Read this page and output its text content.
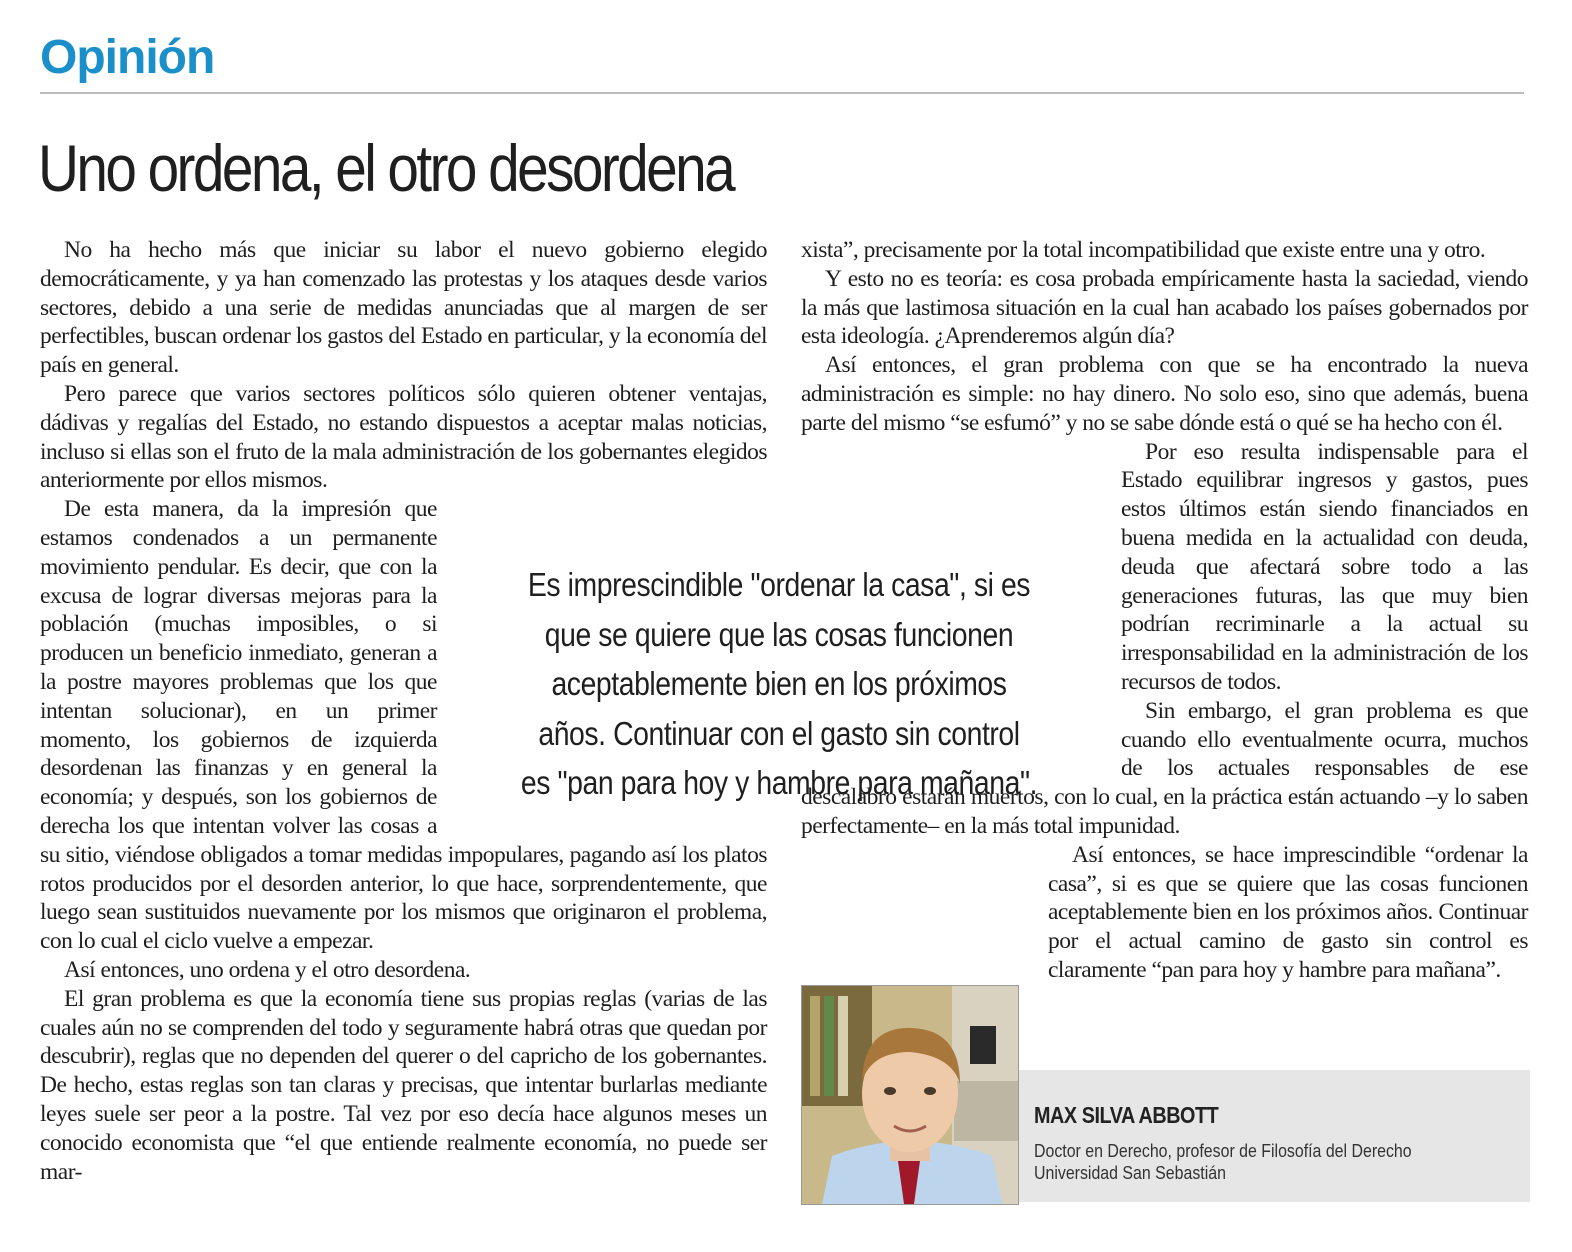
Opinión
Uno ordena, el otro desordena

No ha hecho más que iniciar su labor el nuevo gobierno elegido democráticamente, y ya han comenzado las protestas y los ataques desde varios sectores, debido a una serie de medidas anunciadas que al margen de ser perfectibles, buscan ordenar los gastos del Estado en particular, y la economía del país en general.

Pero parece que varios sectores políticos sólo quieren obtener ventajas, dádivas y regalías del Estado, no estando dispuestos a aceptar malas noticias, incluso si ellas son el fruto de la mala administración de los gobernantes elegidos anteriormente por ellos mismos.

De esta manera, da la impresión que estamos condenados a un permanente movimiento pendular. Es decir, que con la excusa de lograr diversas mejoras para la población (muchas imposibles, o si producen un beneficio inmediato, generan a la postre mayores problemas que los que intentan solucionar), en un primer momento, los gobiernos de izquierda desordenan las finanzas y en general la economía; y después, son los gobiernos de derecha los que intentan volver las cosas a su sitio, viéndose obligados a tomar medidas impopulares, pagando así los platos rotos producidos por el desorden anterior, lo que hace, sorprendentemente, que luego sean sustituidos nuevamente por los mismos que originaron el problema, con lo cual el ciclo vuelve a empezar.

Así entonces, uno ordena y el otro desordena.

El gran problema es que la economía tiene sus propias reglas (varias de las cuales aún no se comprenden del todo y seguramente habrá otras que quedan por descubrir), reglas que no dependen del querer o del capricho de los gobernantes. De hecho, estas reglas son tan claras y precisas, que intentar burlarlas mediante leyes suele ser peor a la postre. Tal vez por eso decía hace algunos meses un conocido economista que “el que entiende realmente economía, no puede ser mar-

xista”, precisamente por la total incompatibilidad que existe entre una y otro.

Y esto no es teoría: es cosa probada empíricamente hasta la saciedad, viendo la más que lastimosa situación en la cual han acabado los países gobernados por esta ideología. ¿Aprenderemos algún día?

Así entonces, el gran problema con que se ha encontrado la nueva administración es simple: no hay dinero. No solo eso, sino que además, buena parte del mismo “se esfumó” y no se sabe dónde está o qué se ha hecho con él.

Por eso resulta indispensable para el Estado equilibrar ingresos y gastos, pues estos últimos están siendo financiados en buena medida en la actualidad con deuda, deuda que afectará sobre todo a las generaciones futuras, las que muy bien podrían recriminarle a la actual su irresponsabilidad en la administración de los recursos de todos.

Sin embargo, el gran problema es que cuando ello eventualmente ocurra, muchos de los actuales responsables de ese descalabro estarán muertos, con lo cual, en la práctica están actuando –y lo saben perfectamente– en la más total impunidad.

Así entonces, se hace imprescindible “ordenar la casa”, si es que se quiere que las cosas funcionen aceptablemente bien en los próximos años. Continuar por el actual camino de gasto sin control es claramente “pan para hoy y hambre para mañana”.

Es imprescindible "ordenar la casa", si es que se quiere que las cosas funcionen aceptablemente bien en los próximos años. Continuar con el gasto sin control es "pan para hoy y hambre para mañana".
MAX SILVA ABBOTT
Doctor en Derecho, profesor de Filosofía del Derecho
Universidad San Sebastián
